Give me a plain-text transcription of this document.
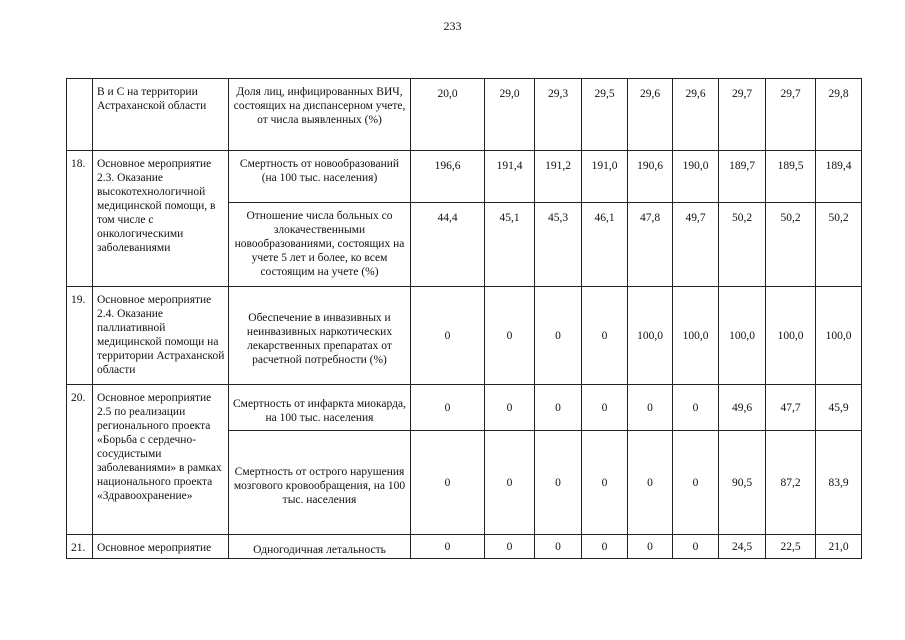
233
	В и С на территории Астраханской области	Доля лиц, инфицированных ВИЧ, состоящих на диспансерном учете, от числа выявленных (%)	20,0	29,0	29,3	29,5	29,6	29,6	29,7	29,7	29,8
18.	Основное мероприятие 2.3. Оказание высокотехнологичной медицинской помощи, в том числе с онкологическими заболеваниями	Смертность от новообразований (на 100 тыс. населения)	196,6	191,4	191,2	191,0	190,6	190,0	189,7	189,5	189,4
		Отношение числа больных со злокачественными новообразованиями, состоящих на учете 5 лет и более, ко всем состоящим на учете (%)	44,4	45,1	45,3	46,1	47,8	49,7	50,2	50,2	50,2
19.	Основное мероприятие 2.4. Оказание паллиативной медицинской помощи на территории Астраханской области	Обеспечение в инвазивных и неинвазивных наркотических лекарственных препаратах от расчетной потребности (%)	0	0	0	0	100,0	100,0	100,0	100,0	100,0
20.	Основное мероприятие 2.5 по реализации регионального проекта «Борьба с сердечно-сосудистыми заболеваниями» в рамках национального проекта «Здравоохранение»	Смертность от инфаркта миокарда, на 100 тыс. населения	0	0	0	0	0	0	49,6	47,7	45,9
		Смертность от острого нарушения мозгового кровообращения, на 100 тыс. населения	0	0	0	0	0	0	90,5	87,2	83,9
21.	Основное мероприятие	Одногодичная летальность	0	0	0	0	0	0	24,5	22,5	21,0
